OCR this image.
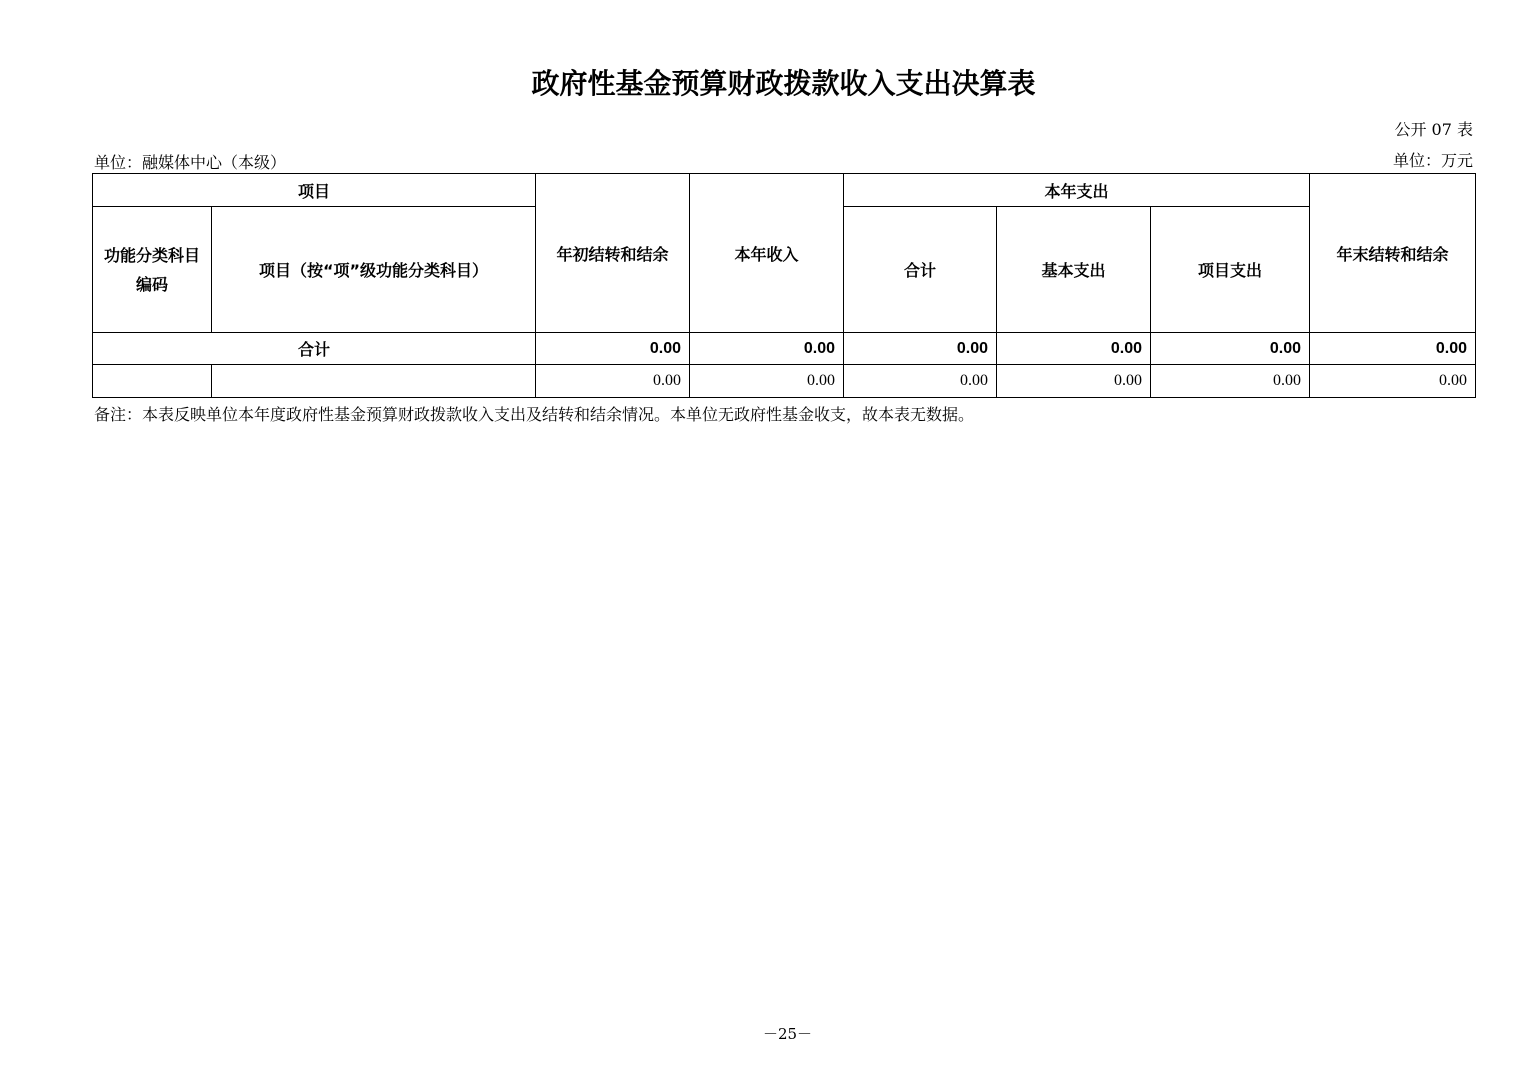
政府性基金预算财政拨款收入支出决算表
公开 07 表
单位：融媒体中心（本级）	单位：万元
项目		年初结转和结余	本年收入	本年支出			年末结转和结余
功能分类科目编码	项目（按“项”级功能分类科目）			合计	基本支出	项目支出	
合计		0.00	0.00	0.00	0.00	0.00	0.00
		0.00	0.00	0.00	0.00	0.00	0.00
备注：本表反映单位本年度政府性基金预算财政拨款收入支出及结转和结余情况。本单位无政府性基金收支，故本表无数据。
－25－
